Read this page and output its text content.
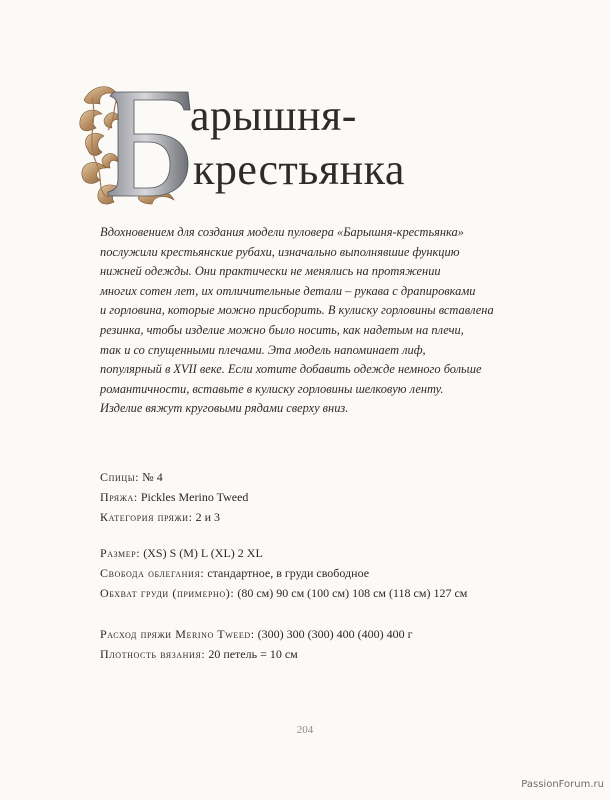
арышня-
крестьянка
Вдохновением для создания модели пуловера «Барышня-крестьянка»
послужили крестьянские рубахи, изначально выполнявшие функцию
нижней одежды. Они практически не менялись на протяжении
многих сотен лет, их отличительные детали – рукава с драпировками
и горловина, которые можно присборить. В кулиску горловины вставлена
резинка, чтобы изделие можно было носить, как надетым на плечи,
так и со спущенными плечами. Эта модель напоминает лиф,
популярный в XVII веке. Если хотите добавить одежде немного больше
романтичности, вставьте в кулиску горловины шелковую ленту.
Изделие вяжут круговыми рядами сверху вниз.
Спицы: № 4
Пряжа: Pickles Merino Tweed
Категория пряжи: 2 и 3
Размер: (XS) S (M) L (XL) 2 XL
Свобода облегания: стандартное, в груди свободное
Обхват груди (примерно): (80 см) 90 см (100 см) 108 см (118 см) 127 см
Расход пряжи Merino Tweed: (300) 300 (300) 400 (400) 400 г
Плотность вязания: 20 петель = 10 см
204
PassionForum.ru
